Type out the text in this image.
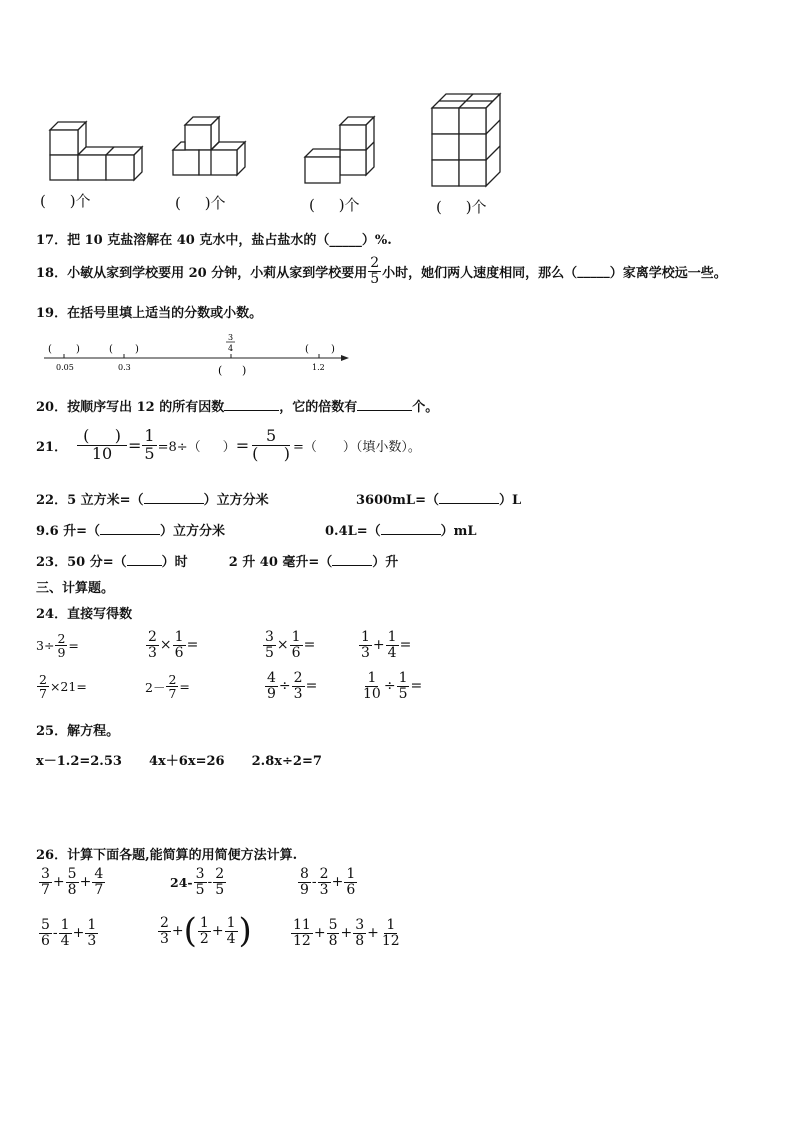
( )个	( )个	( )个	( )个
17．把 10 克盐溶解在 40 克水中，盐占盐水的（_____）%.
18． 小敏从家到学校要用 20 分钟，小莉从家到学校要用 $\frac{2}{5}$ 小时，她们两人速度相同，那么（ _____ ）家离学校远一些。
19．在括号里填上适当的分数或小数。
( )	( )	( )
0.05	0.3	1.2
3
4
( )
20．按顺序写出 12 的所有因数	，它的倍数有	个。
21． $\frac{( )}{10} = \frac{1}{5} =8\div$（ ） = $\frac{5}{( )}$ =（　　）（填小数）。
22．5 立方米=（	）立方分米	3600mL=（	）L
9.6 升=（	）立方分米	0.4L=（	）mL
23．50 分=（	）时	2 升 40 毫升=（	）升
三、计算题。
24．直接写得数
$3\div \frac{2}{9}$ =	$\frac{2}{3} \times \frac{1}{6}$ =	$\frac{3}{5} \times \frac{1}{6}$ =	$\frac{1}{3} + \frac{1}{4}$ =
$\frac{2}{7} \times 21=$	$2- \frac{2}{7}$ =	$\frac{4}{9} \div \frac{2}{3}$ =	$\frac{1}{10} \div \frac{1}{5}$ =
25．解方程。
x－1.2=2.53 4x＋6x=26 2.8x÷2=7
26．计算下面各题,能简算的用简便方法计算.
$\frac{3}{7} + \frac{5}{8} + \frac{4}{7}$	$24- \frac{3}{5} - \frac{2}{5}$	$\frac{8}{9} - \frac{2}{3} + \frac{1}{6}$
$\frac{5}{6} - \frac{1}{4} + \frac{1}{3}$	$\frac{2}{3}$ + ( $\frac{1}{2} + \frac{1}{4}$ )	$\frac{11}{12} + \frac{5}{8} + \frac{3}{8} + \frac{1}{12}$
